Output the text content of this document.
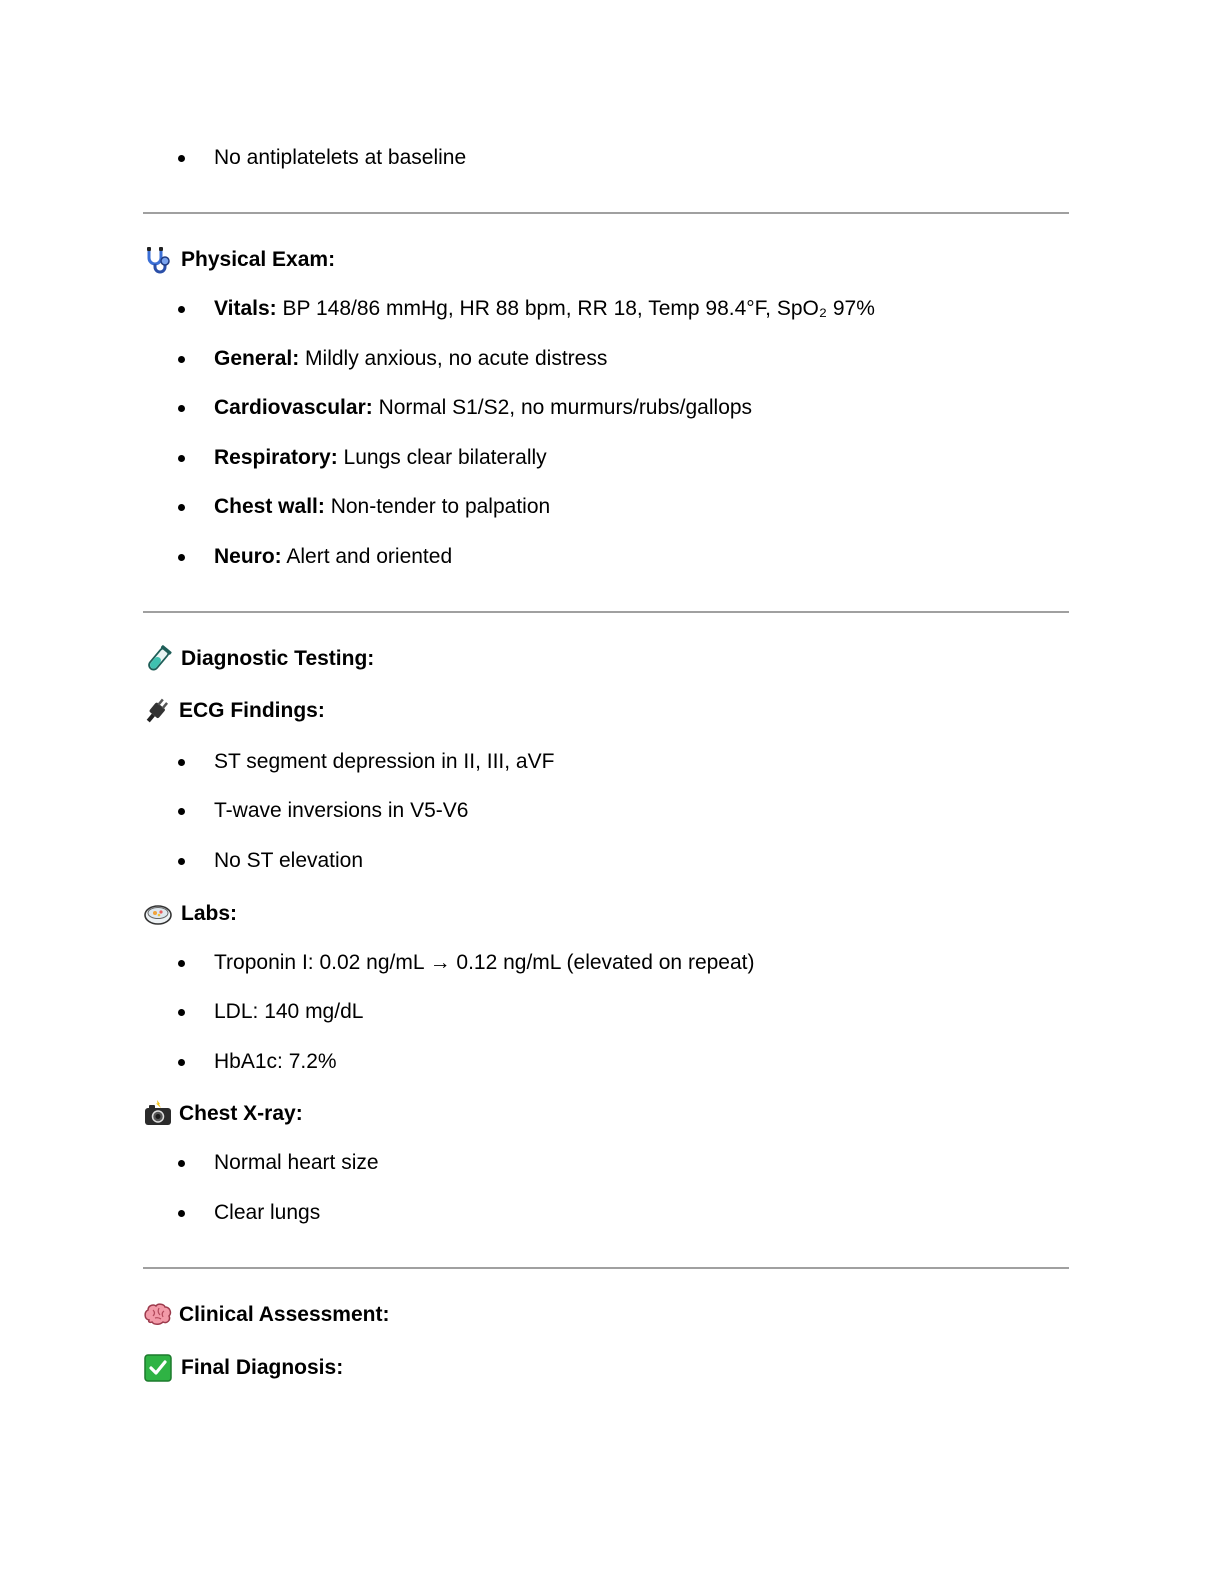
No antiplatelets at baseline
Physical Exam:
Vitals: BP 148/86 mmHg, HR 88 bpm, RR 18, Temp 98.4°F, SpO₂ 97%
General: Mildly anxious, no acute distress
Cardiovascular: Normal S1/S2, no murmurs/rubs/gallops
Respiratory: Lungs clear bilaterally
Chest wall: Non-tender to palpation
Neuro: Alert and oriented
Diagnostic Testing:
ECG Findings:
ST segment depression in II, III, aVF
T-wave inversions in V5-V6
No ST elevation
Labs:
Troponin I: 0.02 ng/mL → 0.12 ng/mL (elevated on repeat)
LDL: 140 mg/dL
HbA1c: 7.2%
Chest X-ray:
Normal heart size
Clear lungs
Clinical Assessment:
Final Diagnosis:
